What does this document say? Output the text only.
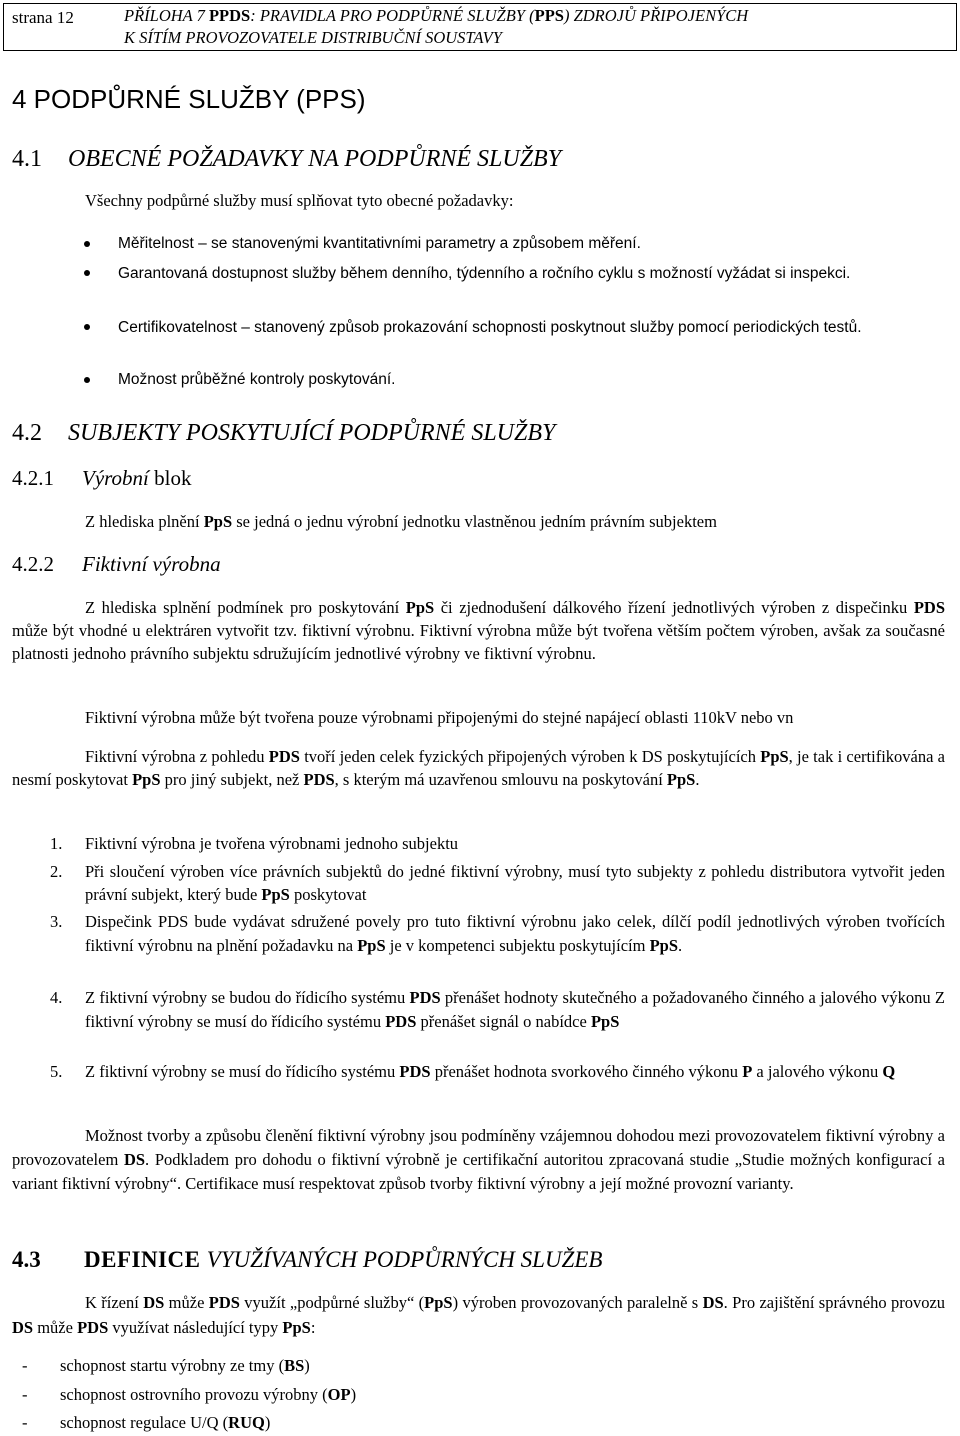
strana 12	PŘÍLOHA 7 PPDS: PRAVIDLA PRO PODPŮRNÉ SLUŽBY (PPS) ZDROJŮ PŘIPOJENÝCH
K SÍTÍM PROVOZOVATELE DISTRIBUČNÍ SOUSTAVY
4 PODPŮRNÉ SLUŽBY (PPS)
4.1 OBECNÉ POŽADAVKY NA PODPŮRNÉ SLUŽBY
Všechny podpůrné služby musí splňovat tyto obecné požadavky:
Měřitelnost – se stanovenými kvantitativními parametry a způsobem měření.
Garantovaná dostupnost služby během denního, týdenního a ročního cyklu s možností vyžádat si inspekci.
Certifikovatelnost – stanovený způsob prokazování schopnosti poskytnout služby pomocí periodických testů.
Možnost průběžné kontroly poskytování.
4.2 SUBJEKTY POSKYTUJÍCÍ PODPŮRNÉ SLUŽBY
4.2.1 Výrobní blok
Z hlediska plnění PpS se jedná o jednu výrobní jednotku vlastněnou jedním právním subjektem
4.2.2 Fiktivní výrobna
Z hlediska splnění podmínek pro poskytování PpS či zjednodušení dálkového řízení jednotlivých výroben z dispečinku PDS může být vhodné u elektráren vytvořit tzv. fiktivní výrobnu. Fiktivní výrobna může být tvořena větším počtem výroben, avšak za současné platnosti jednoho právního subjektu sdružujícím jednotlivé výrobny ve fiktivní výrobnu.
Fiktivní výrobna může být tvořena pouze výrobnami připojenými do stejné napájecí oblasti 110kV nebo vn
Fiktivní výrobna z pohledu PDS tvoří jeden celek fyzických připojených výroben k DS poskytujících PpS, je tak i certifikována a nesmí poskytovat PpS pro jiný subjekt, než PDS, s kterým má uzavřenou smlouvu na poskytování PpS.
1. Fiktivní výrobna je tvořena výrobnami jednoho subjektu
2. Při sloučení výroben více právních subjektů do jedné fiktivní výrobny, musí tyto subjekty z pohledu distributora vytvořit jeden právní subjekt, který bude PpS poskytovat
3. Dispečink PDS bude vydávat sdružené povely pro tuto fiktivní výrobnu jako celek, dílčí podíl jednotlivých výroben tvořících fiktivní výrobnu na plnění požadavku na PpS je v kompetenci subjektu poskytujícím PpS.
4. Z fiktivní výrobny se budou do řídicího systému PDS přenášet hodnoty skutečného a požadovaného činného a jalového výkonu Z fiktivní výrobny se musí do řídicího systému PDS přenášet signál o nabídce PpS
5. Z fiktivní výrobny se musí do řídicího systému PDS přenášet hodnota svorkového činného výkonu P a jalového výkonu Q
Možnost tvorby a způsobu členění fiktivní výrobny jsou podmíněny vzájemnou dohodou mezi provozovatelem fiktivní výrobny a provozovatelem DS. Podkladem pro dohodu o fiktivní výrobně je certifikační autoritou zpracovaná studie „Studie možných konfigurací a variant fiktivní výrobny“. Certifikace musí respektovat způsob tvorby fiktivní výrobny a její možné provozní varianty.
4.3 DEFINICE VYUŽÍVANÝCH PODPŮRNÝCH SLUŽEB
K řízení DS může PDS využít „podpůrné služby“ (PpS) výroben provozovaných paralelně s DS. Pro zajištění správného provozu DS může PDS využívat následující typy PpS:
- schopnost startu výrobny ze tmy (BS)
- schopnost ostrovního provozu výrobny (OP)
- schopnost regulace U/Q (RUQ)
